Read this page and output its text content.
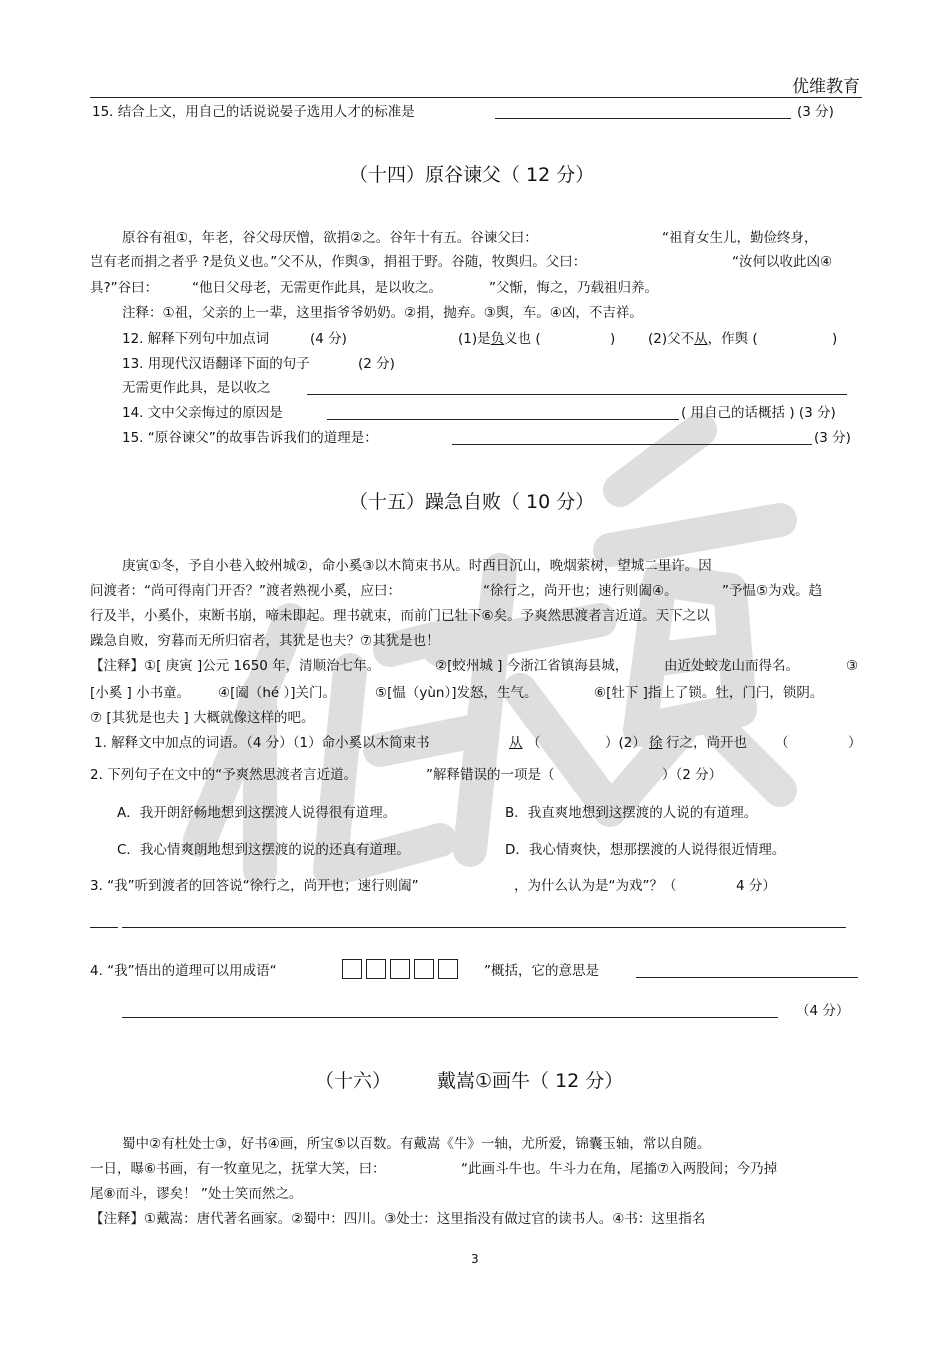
优维教育
15. 结合上文，用自己的话说说晏子选用人才的标准是	(3 分)
（十四）原谷谏父（ 12 分）
原谷有祖①，年老，谷父母厌憎，欲捐②之。谷年十有五。谷谏父曰：	“祖育女生儿，勤俭终身，
岂有老而捐之者乎 ?是负义也。”父不从，作舆③，捐祖于野。谷随，牧舆归。父曰：	“汝何以收此凶④
具?”谷曰：	“他日父母老，无需更作此具，是以收之。	”父惭，悔之，乃载祖归养。
注释：①祖，父亲的上一辈，这里指爷爷奶奶。②捐，抛弃。③舆，车。④凶，不吉祥。
12. 解释下列句中加点词	(4 分)	(1)是负义也 (	) (2)父不从，作舆 (	)
13. 用现代汉语翻译下面的句子	(2 分)
无需更作此具，是以收之
14. 文中父亲悔过的原因是	( 用自己的话概括 ) (3 分)
15. “原谷谏父”的故事告诉我们的道理是：	(3 分)
（十五）躁急自败（ 10 分）
庚寅①冬，予自小巷入蛟州城②，命小奚③以木简束书从。时西日沉山，晚烟萦树，望城二里许。因
问渡者：“尚可得南门开否？”渡者熟视小奚，应曰：	“徐行之，尚开也；速行则阖④。	”予愠⑤为戏。趋
行及半，小奚仆，束断书崩，啼未即起。理书就束，而前门已牡下⑥矣。予爽然思渡者言近道。天下之以
躁急自败，穷暮而无所归宿者，其犹是也夫？⑦其犹是也！
【注释】①[ 庚寅 ]公元 1650 年，清顺治七年。	②[蛟州城 ] 今浙江省镇海县城，	由近处蛟龙山而得名。	③
[小奚 ] 小书童。 ④[阖（hé ）]关门。	⑤[愠（yùn）]发怒，生气。	⑥[牡下 ]指上了锁。牡，门闩，锁阴。
⑦ [其犹是也夫 ] 大概就像这样的吧。
1. 解释文中加点的词语。（4 分）（1）命小奚以木简束书	从 （	）(2） 徐 行之，尚开也 （	）
2. 下列句子在文中的“予爽然思渡者言近道。	”解释错误的一项是（	）（2 分）
A．我开朗舒畅地想到这摆渡人说得很有道理。	B．我直爽地想到这摆渡的人说的有道理。
C．我心情爽朗地想到这摆渡的说的还真有道理。	D．我心情爽快，想那摆渡的人说得很近情理。
3. “我”听到渡者的回答说“徐行之，尚开也；速行则阖”	，为什么认为是“为戏”？（	4 分）
4. “我”悟出的道理可以用成语“	”概括，它的意思是
（4 分）
（十六） 戴嵩①画牛（ 12 分）
蜀中②有杜处士③，好书④画，所宝⑤以百数。有戴嵩《牛》一轴，尤所爱，锦囊玉轴，常以自随。
一日，曝⑥书画，有一牧童见之，抚掌大笑，曰：	“此画斗牛也。牛斗力在角，尾搐⑦入两股间；今乃掉
尾⑧而斗，谬矣！ ”处士笑而然之。
【注释】①戴嵩：唐代著名画家。②蜀中：四川。③处士：这里指没有做过官的读书人。④书：这里指名
3
